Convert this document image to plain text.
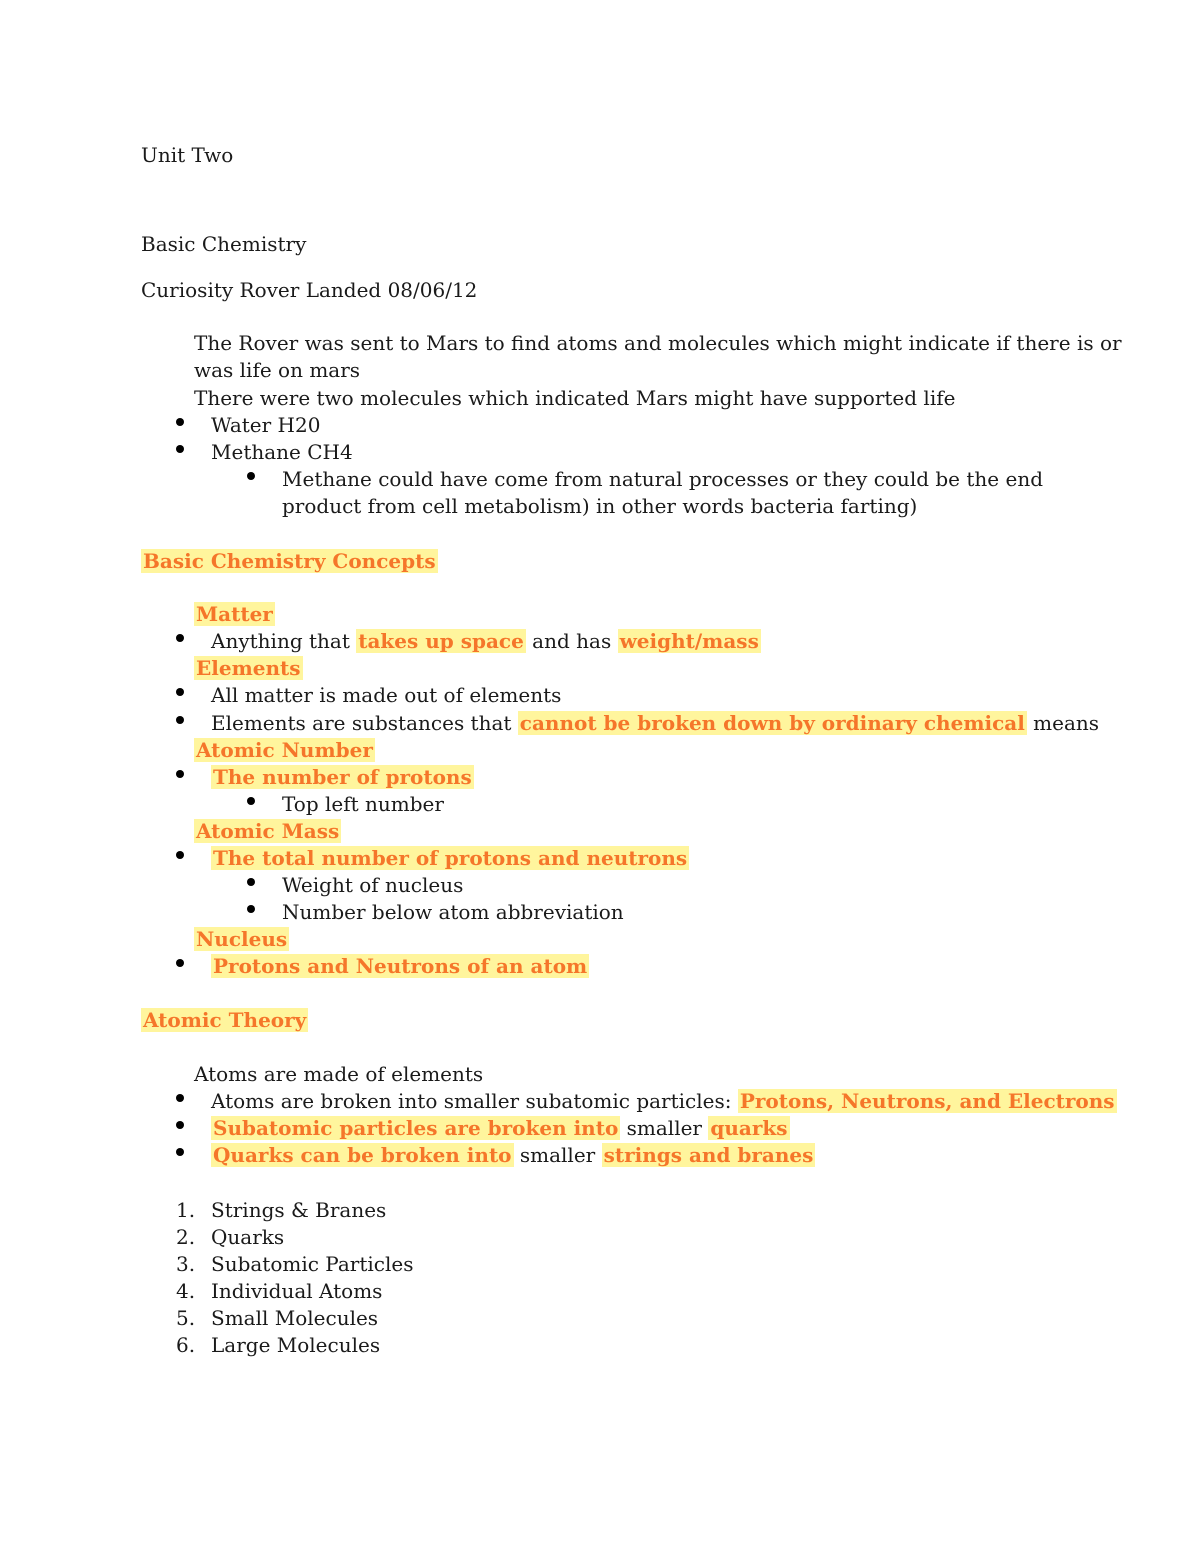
Unit Two
Basic Chemistry
Curiosity Rover Landed 08/06/12
The Rover was sent to Mars to find atoms and molecules which might indicate if there is or
was life on mars
There were two molecules which indicated Mars might have supported life
Water H20
Methane CH4
Methane could have come from natural processes or they could be the end
product from cell metabolism) in other words bacteria farting)
Basic Chemistry Concepts
Matter
Anything that takes up space and has weight/mass
Elements
All matter is made out of elements
Elements are substances that cannot be broken down by ordinary chemical means
Atomic Number
The number of protons
Top left number
Atomic Mass
The total number of protons and neutrons
Weight of nucleus
Number below atom abbreviation
Nucleus
Protons and Neutrons of an atom
Atomic Theory
Atoms are made of elements
Atoms are broken into smaller subatomic particles: Protons, Neutrons, and Electrons
Subatomic particles are broken into smaller quarks
Quarks can be broken into smaller strings and branes
1. Strings & Branes
2. Quarks
3. Subatomic Particles
4. Individual Atoms
5. Small Molecules
6. Large Molecules
